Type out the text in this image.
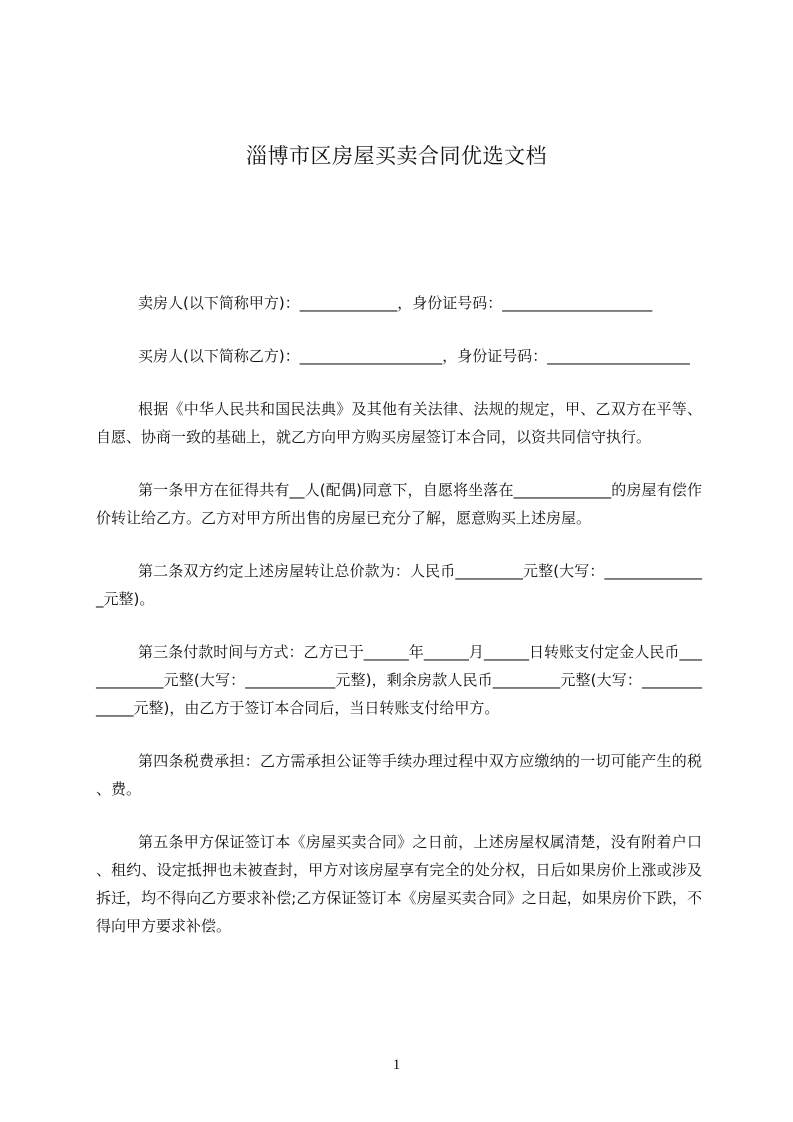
淄博市区房屋买卖合同优选文档

卖房人(以下简称甲方)：_____________，身份证号码：____________________

买房人(以下简称乙方)：___________________，身份证号码：___________________

根据《中华人民共和国民法典》及其他有关法律、法规的规定，甲、乙双方在平等、自愿、协商一致的基础上，就乙方向甲方购买房屋签订本合同，以资共同信守执行。

第一条甲方在征得共有__人(配偶)同意下，自愿将坐落在_____________的房屋有偿作价转让给乙方。乙方对甲方所出售的房屋已充分了解，愿意购买上述房屋。

第二条双方约定上述房屋转让总价款为：人民币_________元整(大写：______________元整)。

第三条付款时间与方式：乙方已于______年______月______日转账支付定金人民币____________元整(大写：____________元整)，剩余房款人民币_________元整(大写：_____________元整)，由乙方于签订本合同后，当日转账支付给甲方。

第四条税费承担：乙方需承担公证等手续办理过程中双方应缴纳的一切可能产生的税、费。

第五条甲方保证签订本《房屋买卖合同》之日前，上述房屋权属清楚，没有附着户口、租约、设定抵押也未被查封，甲方对该房屋享有完全的处分权，日后如果房价上涨或涉及拆迁，均不得向乙方要求补偿;乙方保证签订本《房屋买卖合同》之日起，如果房价下跌，不得向甲方要求补偿。

1
